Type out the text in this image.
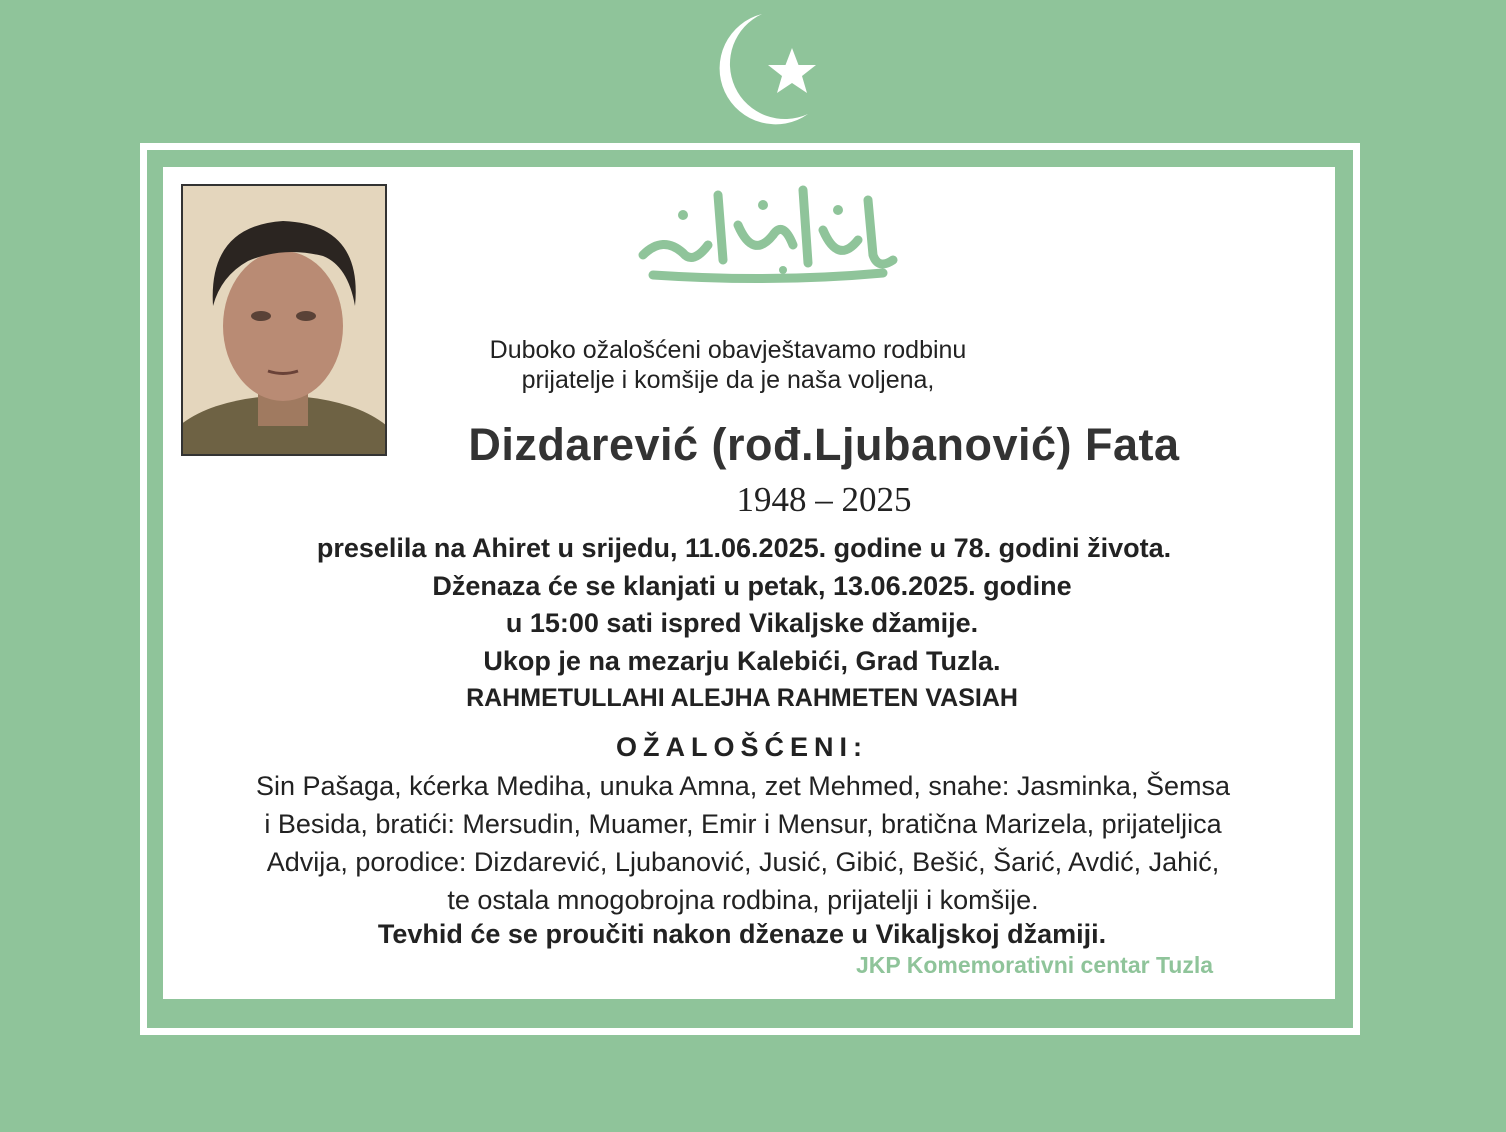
Duboko ožalošćeni obavještavamo rodbinu
prijatelje i komšije da je naša voljena,
Dizdarević (rođ.Ljubanović) Fata
1948 – 2025
preselila na Ahiret u srijedu, 11.06.2025. godine u 78. godini života.
Dženaza će se klanjati u petak, 13.06.2025. godine
u 15:00 sati ispred Vikaljske džamije.
Ukop je na mezarju Kalebići, Grad Tuzla.
RAHMETULLAHI ALEJHA RAHMETEN VASIAH
OŽALOŠĆENI:
Sin Pašaga, kćerka Mediha, unuka Amna, zet Mehmed, snahe: Jasminka, Šemsa
i Besida, bratići: Mersudin, Muamer, Emir i Mensur, bratična Marizela, prijateljica
Advija, porodice: Dizdarević, Ljubanović, Jusić, Gibić, Bešić, Šarić, Avdić, Jahić,
te ostala mnogobrojna rodbina, prijatelji i komšije.
Tevhid će se proučiti nakon dženaze u Vikaljskoj džamiji.
JKP Komemorativni centar Tuzla
